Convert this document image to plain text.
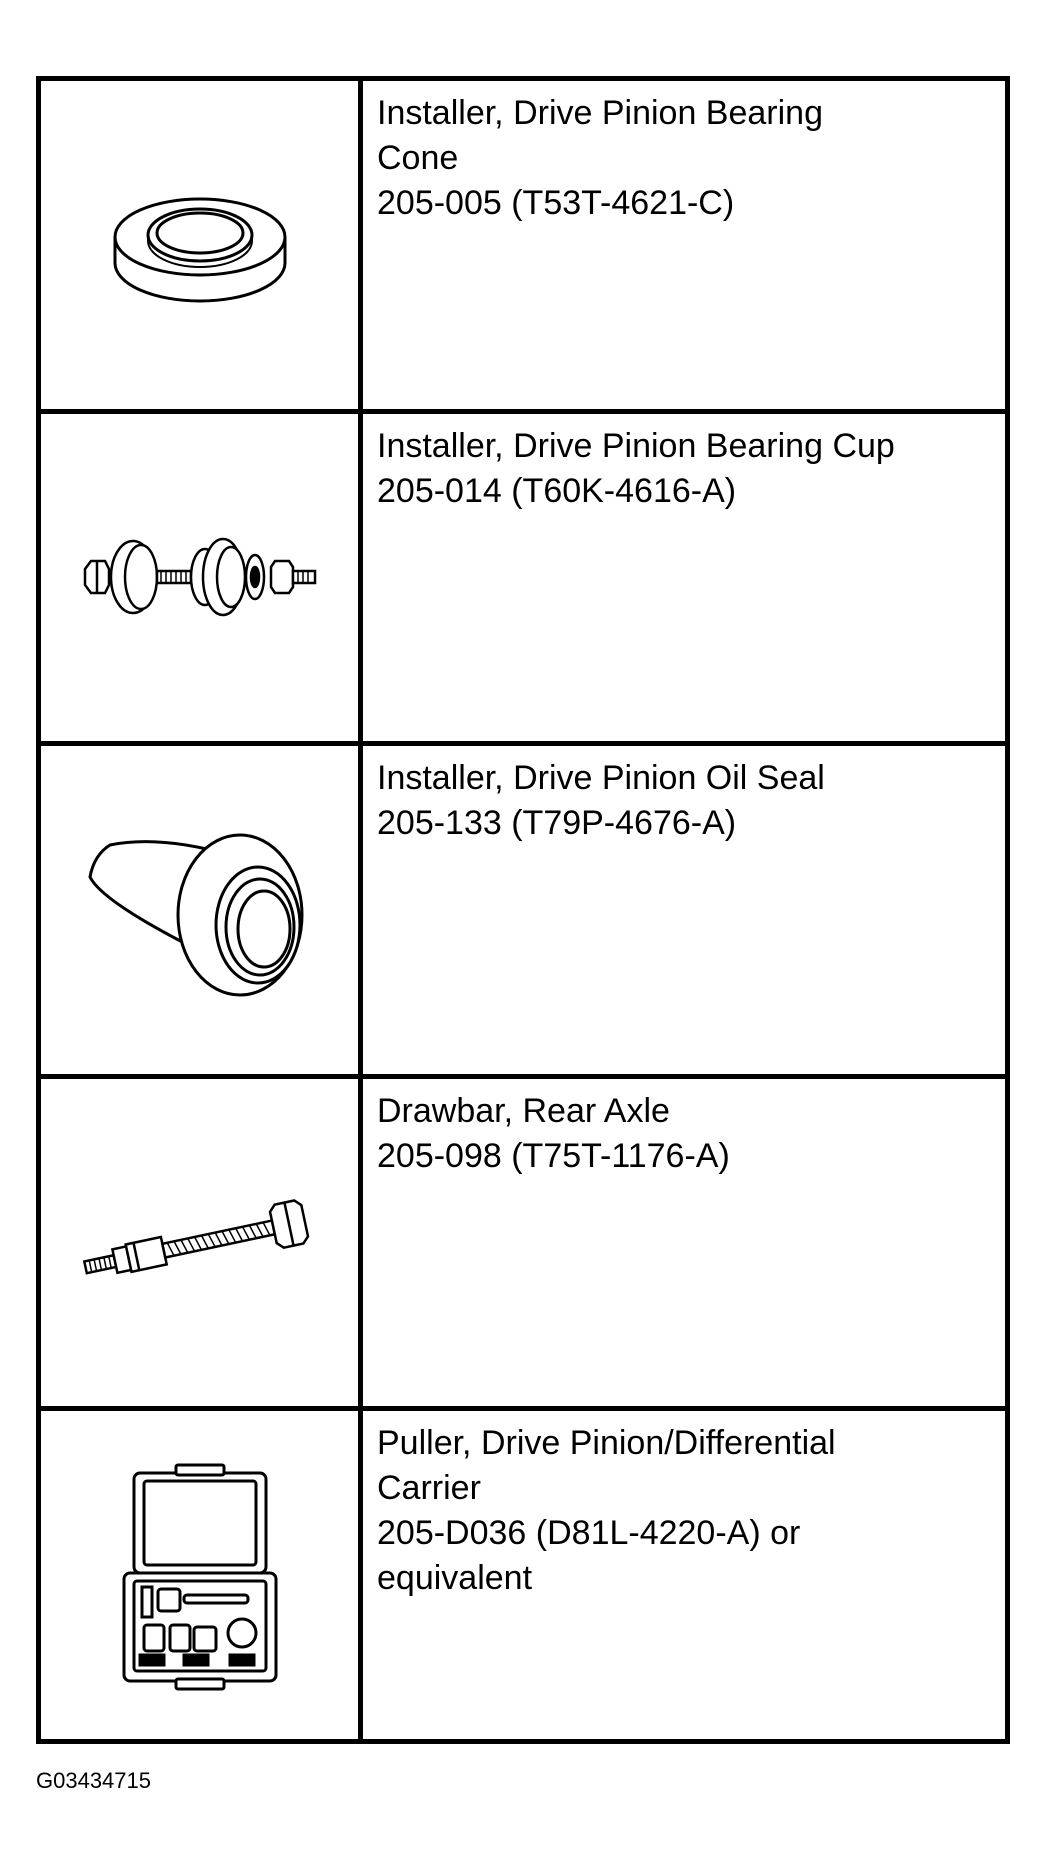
Installer, Drive Pinion Bearing
Cone
205-005 (T53T-4621-C)

Installer, Drive Pinion Bearing Cup
205-014 (T60K-4616-A)

Installer, Drive Pinion Oil Seal
205-133 (T79P-4676-A)

Drawbar, Rear Axle
205-098 (T75T-1176-A)

Puller, Drive Pinion/Differential
Carrier
205-D036 (D81L-4220-A) or
equivalent
G03434715
